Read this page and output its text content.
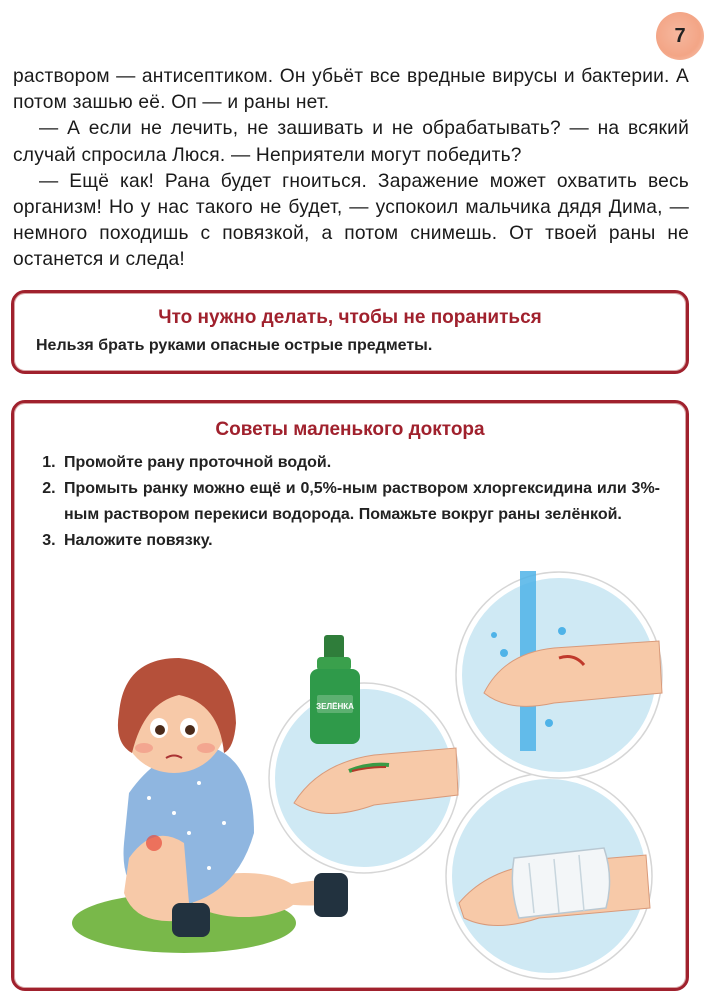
7

раствором — антисептиком. Он убьёт все вредные вирусы и бактерии. А потом зашью её. Оп — и раны нет.

— А если не лечить, не зашивать и не обрабатывать? — на всякий случай спросила Люся. — Неприятели могут победить?

— Ещё как! Рана будет гноиться. Заражение может охватить весь организм! Но у нас такого не будет, — успокоил мальчика дядя Дима, — немного походишь с повязкой, а потом снимешь. От твоей раны не останется и следа!

Что нужно делать, чтобы не пораниться
Нельзя брать руками опасные острые предметы.
Советы маленького доктора
1. Промойте рану проточной водой.
2. Промыть ранку можно ещё и 0,5%-ным раствором хлоргексидина или 3%-ным раствором перекиси водорода. Помажьте вокруг раны зелёнкой.
3. Наложите повязку.
ЗЕЛЁНКА
